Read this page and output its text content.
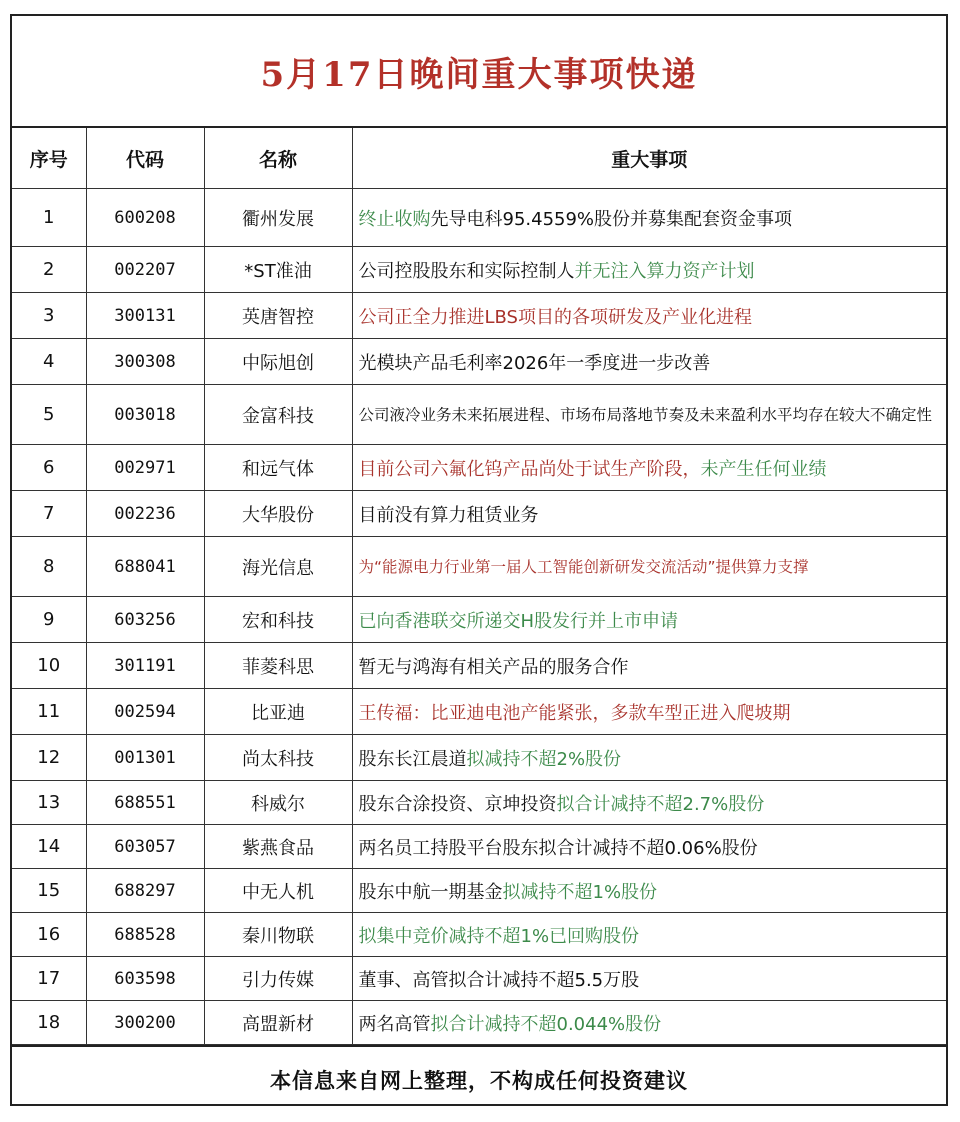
5月17日晚间重大事项快递
序号	代码	名称	重大事项
1	600208	衢州发展	终止收购先导电科95.4559%股份并募集配套资金事项
2	002207	*ST准油	公司控股股东和实际控制人并无注入算力资产计划
3	300131	英唐智控	公司正全力推进LBS项目的各项研发及产业化进程
4	300308	中际旭创	光模块产品毛利率2026年一季度进一步改善
5	003018	金富科技	公司液冷业务未来拓展进程、市场布局落地节奏及未来盈利水平均存在较大不确定性
6	002971	和远气体	目前公司六氟化钨产品尚处于试生产阶段，未产生任何业绩
7	002236	大华股份	目前没有算力租赁业务
8	688041	海光信息	为“能源电力行业第一届人工智能创新研发交流活动”提供算力支撑
9	603256	宏和科技	已向香港联交所递交H股发行并上市申请
10	301191	菲菱科思	暂无与鸿海有相关产品的服务合作
11	002594	比亚迪	王传福：比亚迪电池产能紧张，多款车型正进入爬坡期
12	001301	尚太科技	股东长江晨道拟减持不超2%股份
13	688551	科威尔	股东合涂投资、京坤投资拟合计减持不超2.7%股份
14	603057	紫燕食品	两名员工持股平台股东拟合计减持不超0.06%股份
15	688297	中无人机	股东中航一期基金拟减持不超1%股份
16	688528	秦川物联	拟集中竞价减持不超1%已回购股份
17	603598	引力传媒	董事、高管拟合计减持不超5.5万股
18	300200	高盟新材	两名高管拟合计减持不超0.044%股份
本信息来自网上整理，不构成任何投资建议
